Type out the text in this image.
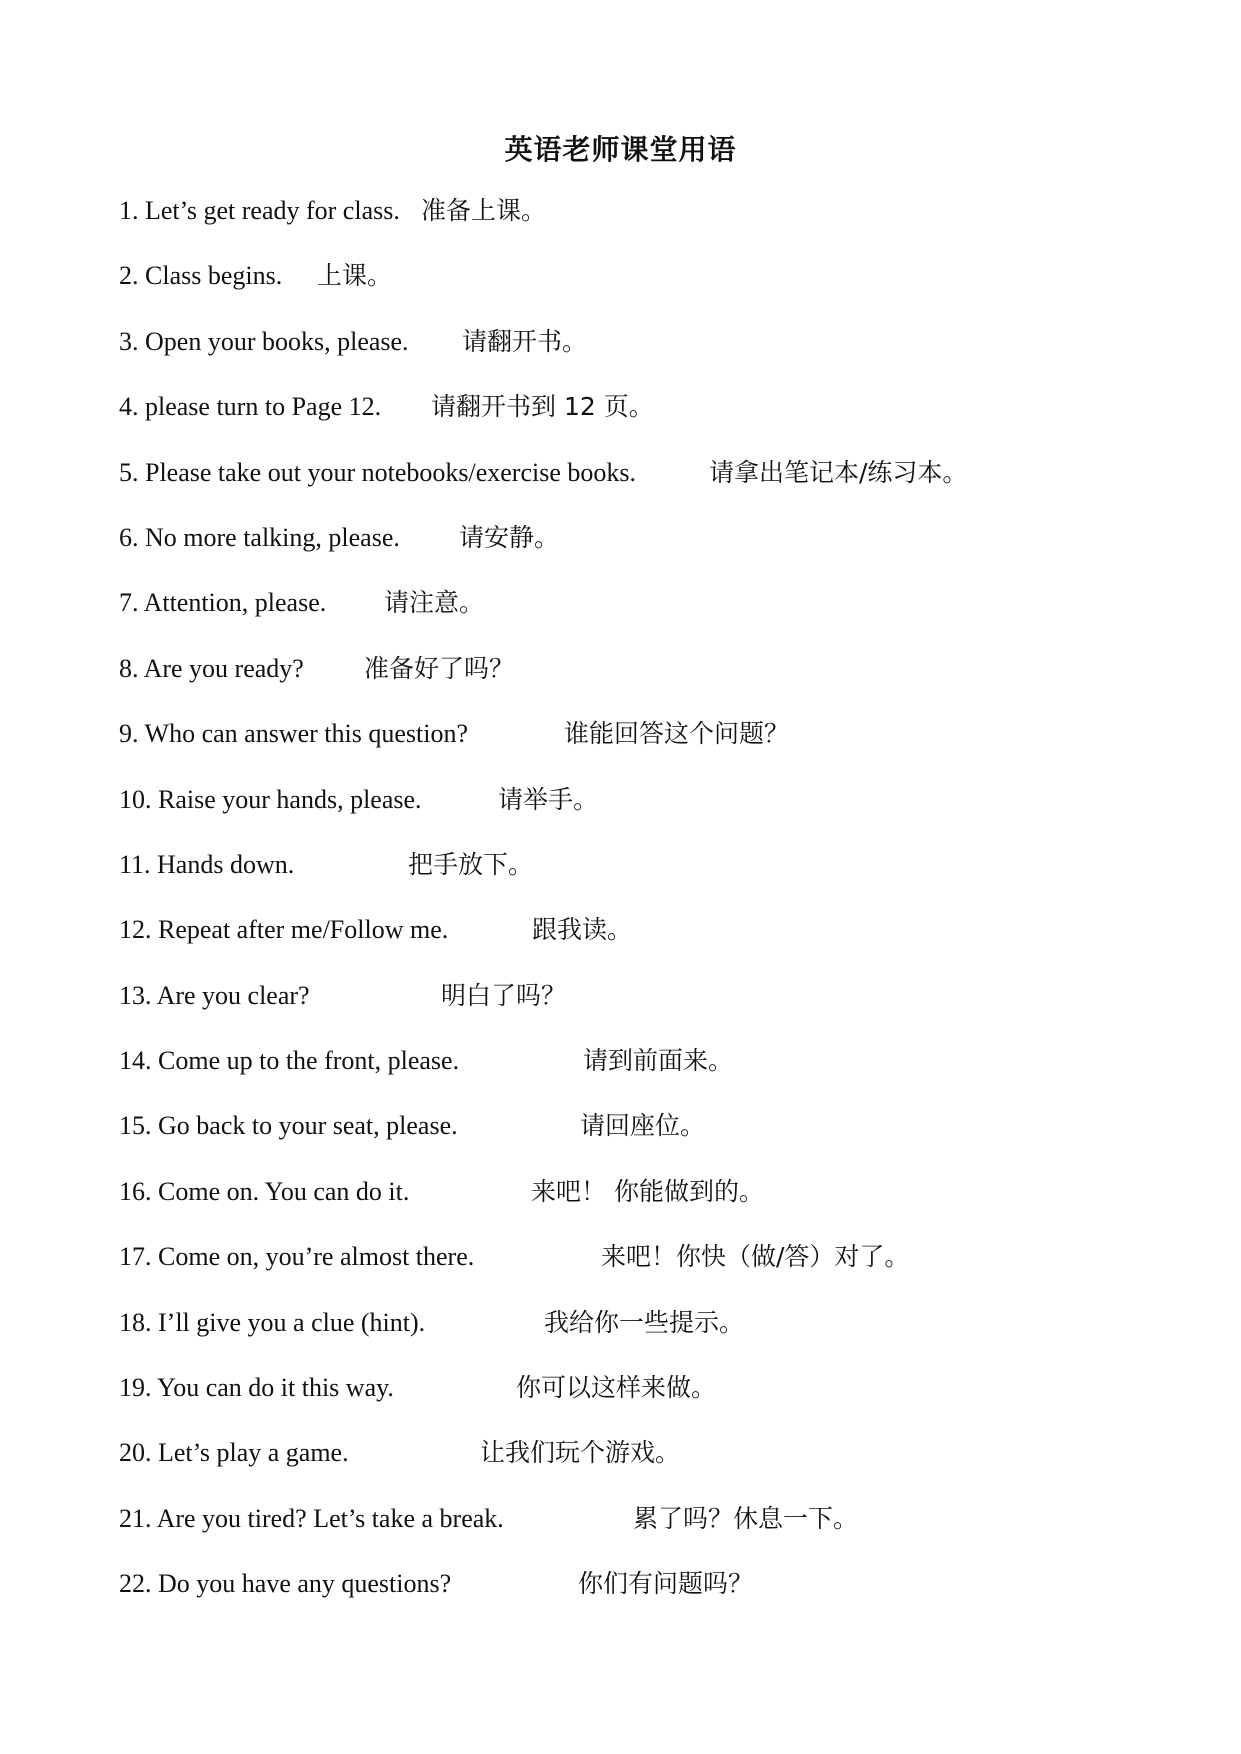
英语老师课堂用语
1. Let’s get ready for class. 准备上课。
2. Class begins.	上课。
3. Open your books, please.	请翻开书。
4. please turn to Page 12.	请翻开书到 12 页。
5. Please take out your notebooks/exercise books.	请拿出笔记本/练习本。
6. No more talking, please.	请安静。
7. Attention, please.	请注意。
8. Are you ready?	准备好了吗？
9. Who can answer this question?	谁能回答这个问题？
10. Raise your hands, please.	请举手。
11. Hands down.	把手放下。
12. Repeat after me/Follow me.	跟我读。
13. Are you clear?	明白了吗？
14. Come up to the front, please.	请到前面来。
15. Go back to your seat, please.	请回座位。
16. Come on. You can do it.	来吧！ 你能做到的。
17. Come on, you’re almost there.	来吧！你快（做/答）对了。
18. I’ll give you a clue (hint).	我给你一些提示。
19. You can do it this way.	你可以这样来做。
20. Let’s play a game.	让我们玩个游戏。
21. Are you tired? Let’s take a break.	累了吗？休息一下。
22. Do you have any questions?	你们有问题吗？
